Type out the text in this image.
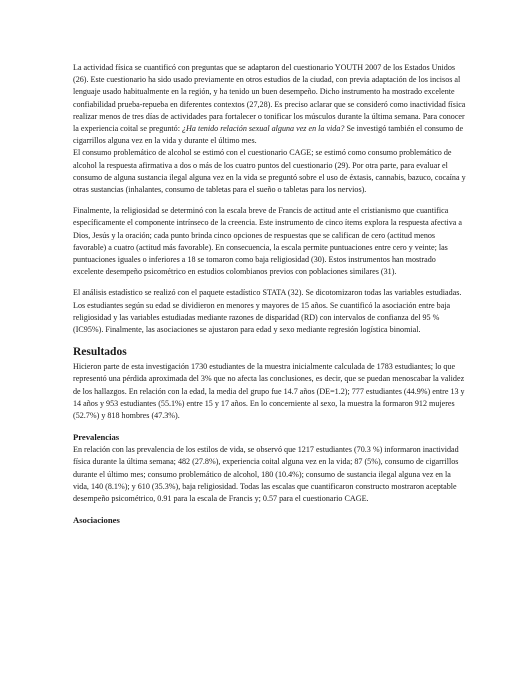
La actividad física se cuantificó con preguntas que se adaptaron del cuestionario YOUTH 2007 de los Estados Unidos (26). Este cuestionario ha sido usado previamente en otros estudios de la ciudad, con previa adaptación de los incisos al lenguaje usado habitualmente en la región, y ha tenido un buen desempeño. Dicho instrumento ha mostrado excelente confiabilidad prueba-repueba en diferentes contextos (27,28). Es preciso aclarar que se consideró como inactividad física realizar menos de tres días de actividades para fortalecer o tonificar los músculos durante la última semana. Para conocer la experiencia coital se preguntó: ¿Ha tenido relación sexual alguna vez en la vida? Se investigó también el consumo de cigarrillos alguna vez en la vida y durante el último mes.

El consumo problemático de alcohol se estimó con el cuestionario CAGE; se estimó como consumo problemático de alcohol la respuesta afirmativa a dos o más de los cuatro puntos del cuestionario (29). Por otra parte, para evaluar el consumo de alguna sustancia ilegal alguna vez en la vida se preguntó sobre el uso de éxtasis, cannabis, bazuco, cocaína y otras sustancias (inhalantes, consumo de tabletas para el sueño o tabletas para los nervios).

Finalmente, la religiosidad se determinó con la escala breve de Francis de actitud ante el cristianismo que cuantifica específicamente el componente intrínseco de la creencia. Este instrumento de cinco ítems explora la respuesta afectiva a Dios, Jesús y la oración; cada punto brinda cinco opciones de respuestas que se califican de cero (actitud menos favorable) a cuatro (actitud más favorable). En consecuencia, la escala permite puntuaciones entre cero y veinte; las puntuaciones iguales o inferiores a 18 se tomaron como baja religiosidad (30). Estos instrumentos han mostrado excelente desempeño psicométrico en estudios colombianos previos con poblaciones similares (31).

El análisis estadístico se realizó con el paquete estadístico STATA (32). Se dicotomizaron todas las variables estudiadas. Los estudiantes según su edad se dividieron en menores y mayores de 15 años. Se cuantificó la asociación entre baja religiosidad y las variables estudiadas mediante razones de disparidad (RD) con intervalos de confianza del 95 % (IC95%). Finalmente, las asociaciones se ajustaron para edad y sexo mediante regresión logística binomial.

Resultados

Hicieron parte de esta investigación 1730 estudiantes de la muestra inicialmente calculada de 1783 estudiantes; lo que representó una pérdida aproximada del 3% que no afecta las conclusiones, es decir, que se puedan menoscabar la validez de los hallazgos. En relación con la edad, la media del grupo fue 14.7 años (DE=1.2); 777 estudiantes (44.9%) entre 13 y 14 años y 953 estudiantes (55.1%) entre 15 y 17 años. En lo concerniente al sexo, la muestra la formaron 912 mujeres (52.7%) y 818 hombres (47.3%).

Prevalencias

En relación con las prevalencia de los estilos de vida, se observó que 1217 estudiantes (70.3 %) informaron inactividad física durante la última semana; 482 (27.8%), experiencia coital alguna vez en la vida; 87 (5%), consumo de cigarrillos durante el último mes; consumo problemático de alcohol, 180 (10.4%); consumo de sustancia ilegal alguna vez en la vida, 140 (8.1%); y 610 (35.3%), baja religiosidad. Todas las escalas que cuantificaron constructo mostraron aceptable desempeño psicométrico, 0.91 para la escala de Francis y; 0.57 para el cuestionario CAGE.

Asociaciones
